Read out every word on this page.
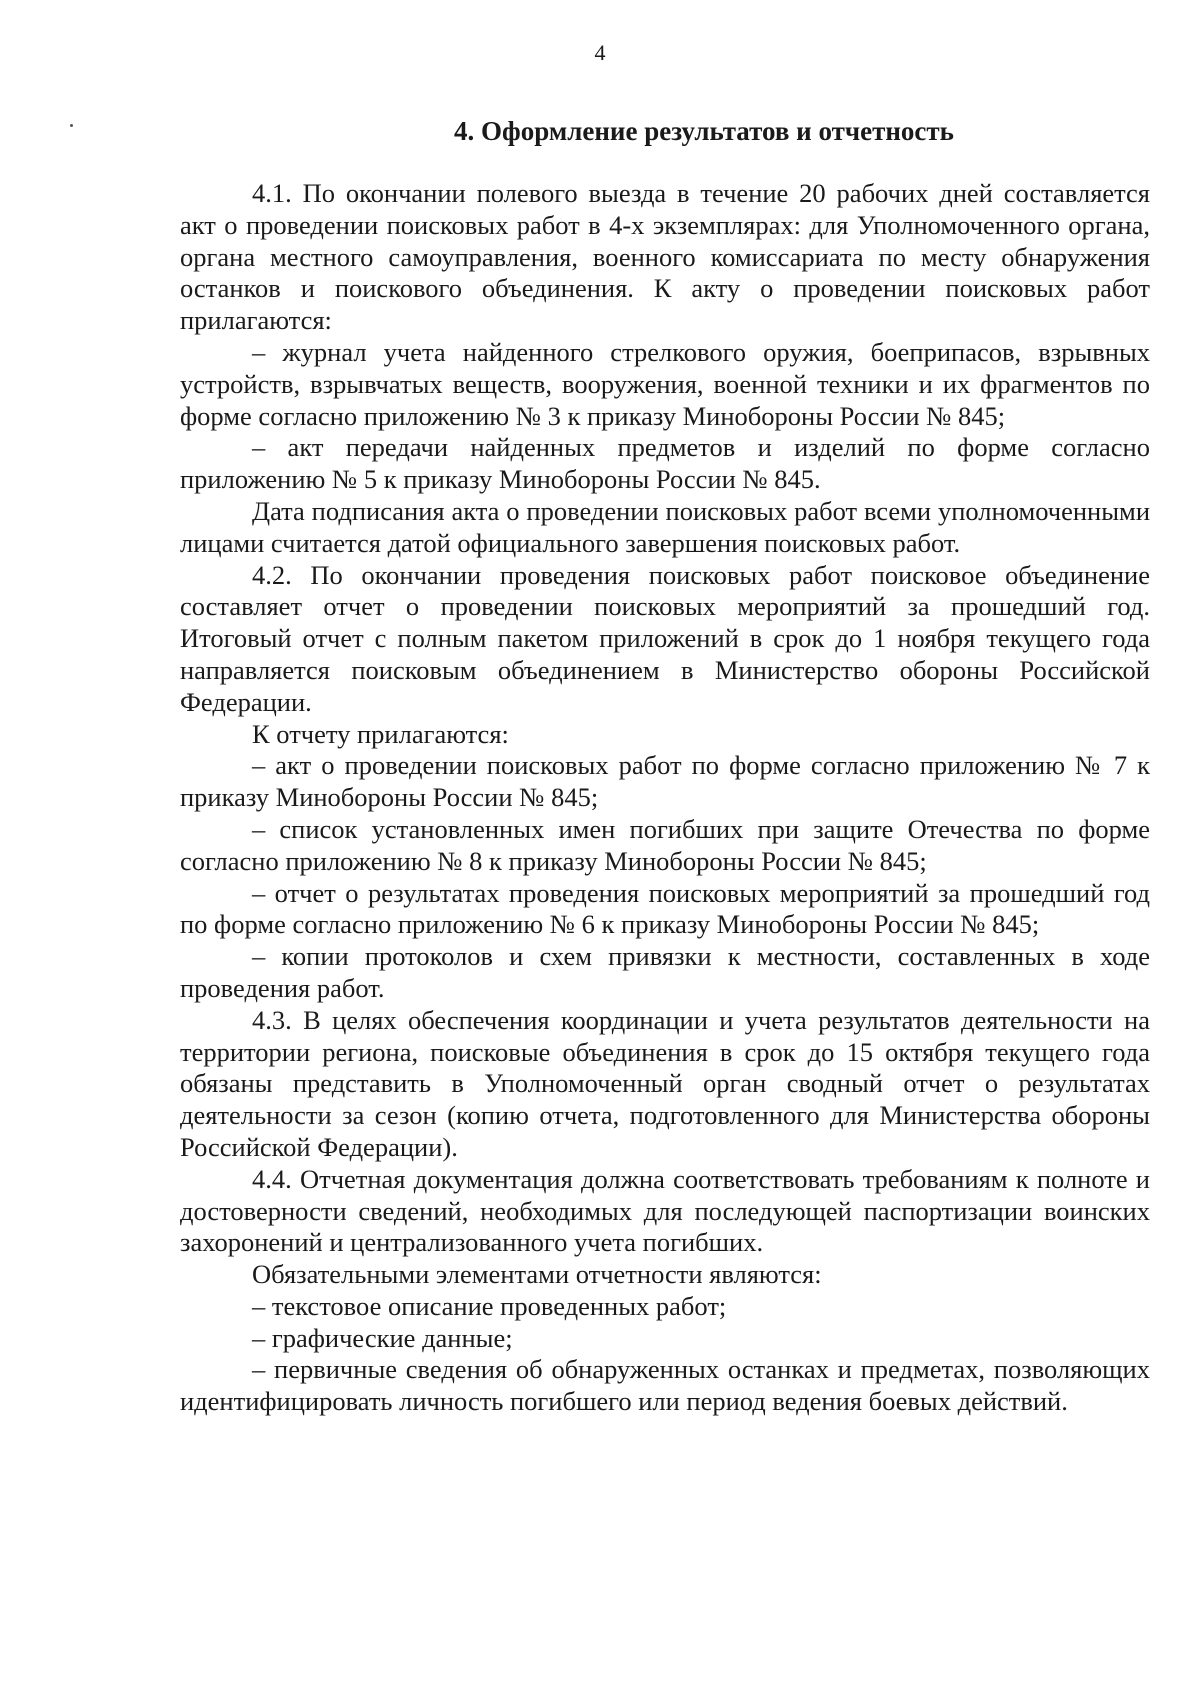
4
4. Оформление результатов и отчетность

4.1. По окончании полевого выезда в течение 20 рабочих дней составляется акт о проведении поисковых работ в 4-х экземплярах: для Уполномоченного органа, органа местного самоуправления, военного комиссариата по месту обнаружения останков и поискового объединения. К акту о проведении поисковых работ прилагаются:

– журнал учета найденного стрелкового оружия, боеприпасов, взрывных устройств, взрывчатых веществ, вооружения, военной техники и их фрагментов по форме согласно приложению № 3 к приказу Минобороны России № 845;

– акт передачи найденных предметов и изделий по форме согласно приложению № 5 к приказу Минобороны России № 845.

Дата подписания акта о проведении поисковых работ всеми уполномоченными лицами считается датой официального завершения поисковых работ.

4.2. По окончании проведения поисковых работ поисковое объединение составляет отчет о проведении поисковых мероприятий за прошедший год. Итоговый отчет с полным пакетом приложений в срок до 1 ноября текущего года направляется поисковым объединением в Министерство обороны Российской Федерации.

К отчету прилагаются:

– акт о проведении поисковых работ по форме согласно приложению № 7 к приказу Минобороны России № 845;

– список установленных имен погибших при защите Отечества по форме согласно приложению № 8 к приказу Минобороны России № 845;

– отчет о результатах проведения поисковых мероприятий за прошедший год по форме согласно приложению № 6 к приказу Минобороны России № 845;

– копии протоколов и схем привязки к местности, составленных в ходе проведения работ.

4.3. В целях обеспечения координации и учета результатов деятельности на территории региона, поисковые объединения в срок до 15 октября текущего года обязаны представить в Уполномоченный орган сводный отчет о результатах деятельности за сезон (копию отчета, подготовленного для Министерства обороны Российской Федерации).

4.4. Отчетная документация должна соответствовать требованиям к полноте и достоверности сведений, необходимых для последующей паспортизации воинских захоронений и централизованного учета погибших.

Обязательными элементами отчетности являются:

– текстовое описание проведенных работ;

– графические данные;

– первичные сведения об обнаруженных останках и предметах, позволяющих идентифицировать личность погибшего или период ведения боевых действий.
